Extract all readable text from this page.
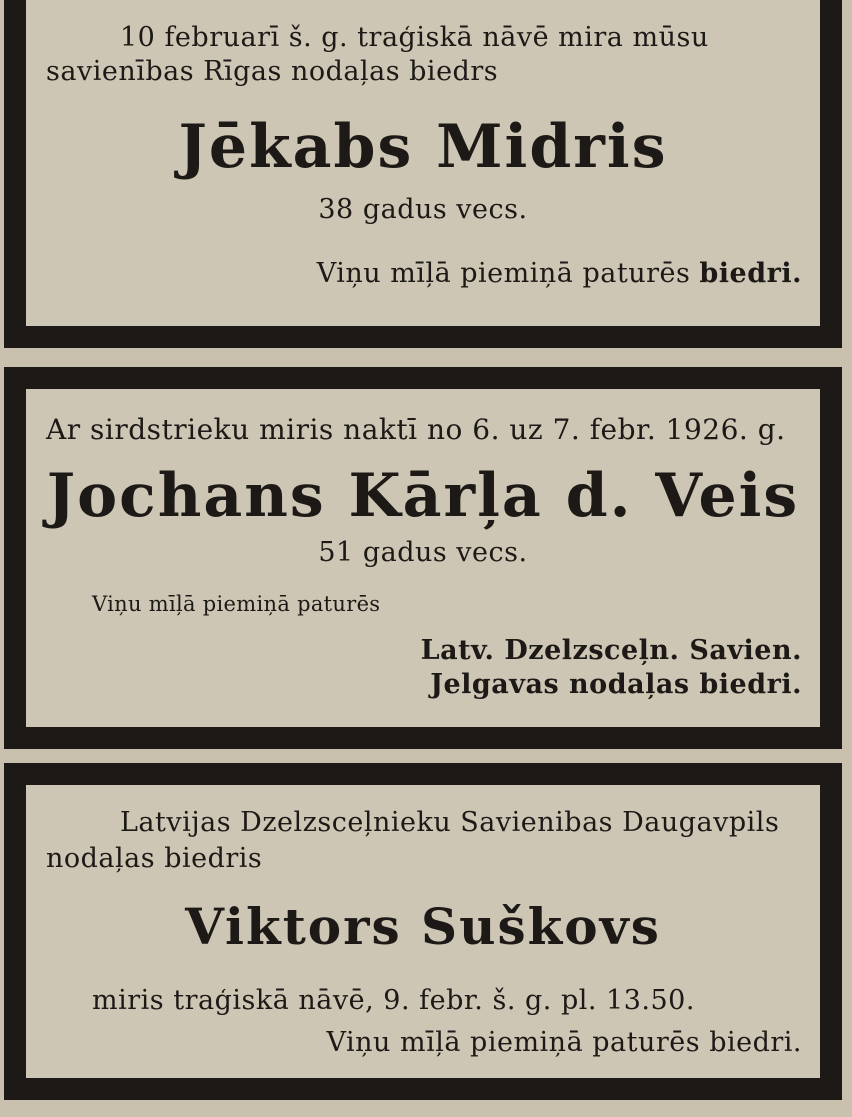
10 februarī š. g. traģiskā nāvē mira mūsu
savienības Rīgas nodaļas biedrs
Jēkabs Midris
38 gadus vecs.
Viņu mīļā piemiņā paturēs biedri.
Ar sirdstrieku miris naktī no 6. uz 7. febr. 1926. g.
Jochans Kārļa d. Veis
51 gadus vecs.
Viņu mīļā piemiņā paturēs
Latv. Dzelzsceļn. Savien.
Jelgavas nodaļas biedri.
Latvijas Dzelzsceļnieku Savienibas Daugavpils
nodaļas biedris
Viktors Suškovs
miris traģiskā nāvē, 9. febr. š. g. pl. 13.50.
Viņu mīļā piemiņā paturēs biedri.
